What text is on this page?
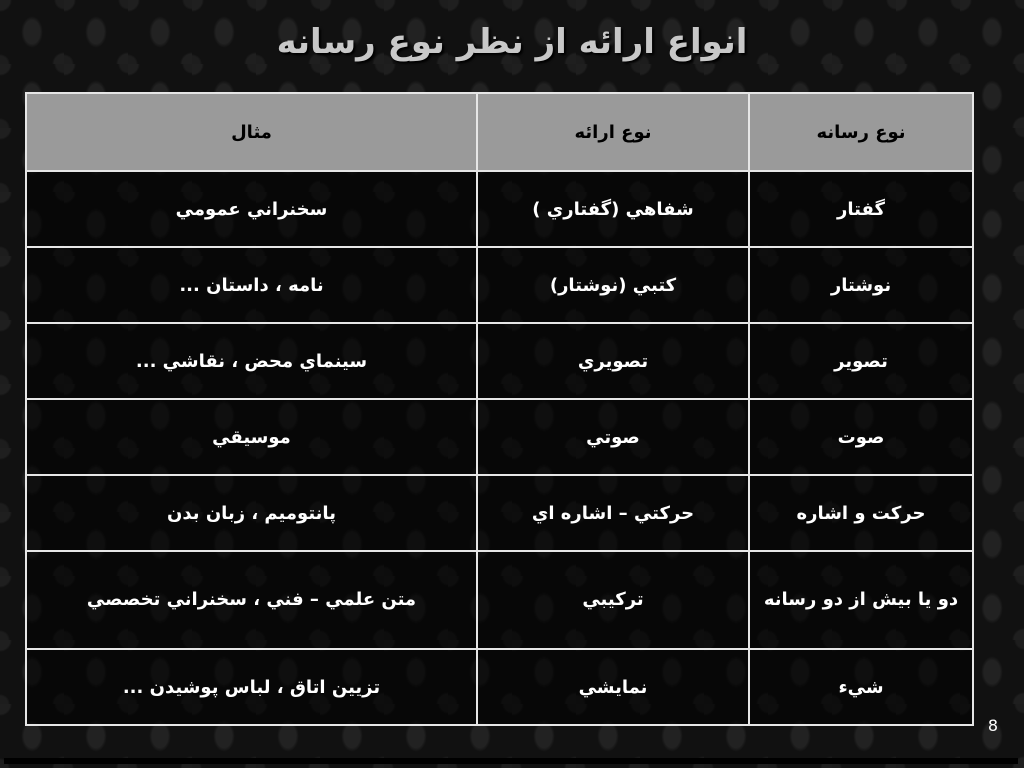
انواع ارائه از نظر نوع رسانه
نوع رسانه	نوع ارائه	مثال
گفتار	شفاهي (گفتاري )	سخنراني عمومي
نوشتار	كتبي (نوشتار)	نامه ، داستان ...
تصوير	تصويري	سينماي محض ، نقاشي ...
صوت	صوتي	موسيقي
حركت و اشاره	حركتي – اشاره اي	پانتوميم ، زبان بدن
دو يا بيش از دو رسانه	تركيبي	متن علمي – فني ، سخنراني تخصصي
شيء	نمايشي	تزيين اتاق ، لباس پوشيدن ...
8
